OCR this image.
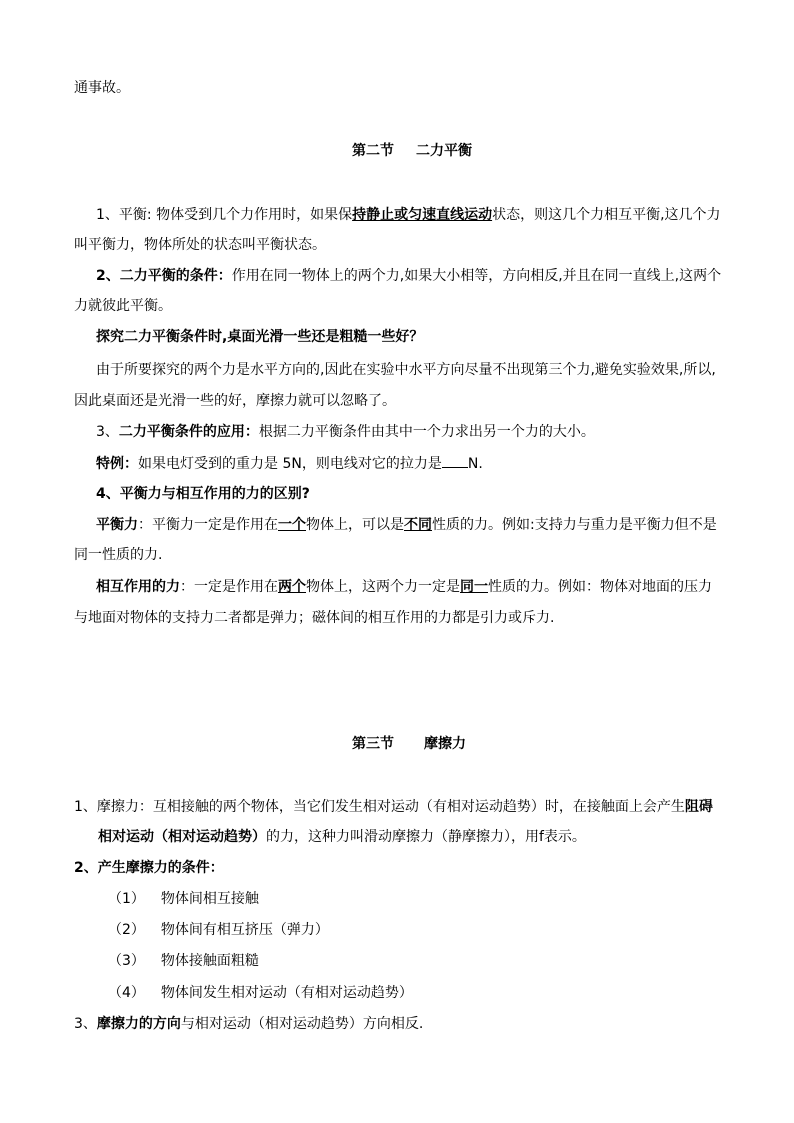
通事故。
第二节 二力平衡
1、平衡: 物体受到几个力作用时，如果保持静止或匀速直线运动状态，则这几个力相互平衡,这几个力
叫平衡力，物体所处的状态叫平衡状态。
2、二力平衡的条件：作用在同一物体上的两个力,如果大小相等，方向相反,并且在同一直线上,这两个
力就彼此平衡。
探究二力平衡条件时,桌面光滑一些还是粗糙一些好？
由于所要探究的两个力是水平方向的,因此在实验中水平方向尽量不出现第三个力,避免实验效果,所以,
因此桌面还是光滑一些的好，摩擦力就可以忽略了。
3、二力平衡条件的应用：根据二力平衡条件由其中一个力求出另一个力的大小。
特例：如果电灯受到的重力是 5N，则电线对它的拉力是 N.
4、平衡力与相互作用的力的区别?
平衡力：平衡力一定是作用在一个物体上，可以是不同性质的力。例如:支持力与重力是平衡力但不是
同一性质的力.
相互作用的力：一定是作用在两个物体上，这两个力一定是同一性质的力。例如：物体对地面的压力
与地面对物体的支持力二者都是弹力；磁体间的相互作用的力都是引力或斥力.
第三节 摩擦力
1、摩擦力：互相接触的两个物体，当它们发生相对运动（有相对运动趋势）时，在接触面上会产生阻碍
相对运动（相对运动趋势）的力，这种力叫滑动摩擦力（静摩擦力），用f表示。
2、产生摩擦力的条件：
（1） 物体间相互接触
（2） 物体间有相互挤压（弹力）
（3） 物体接触面粗糙
（4） 物体间发生相对运动（有相对运动趋势）
3、摩擦力的方向与相对运动（相对运动趋势）方向相反.
